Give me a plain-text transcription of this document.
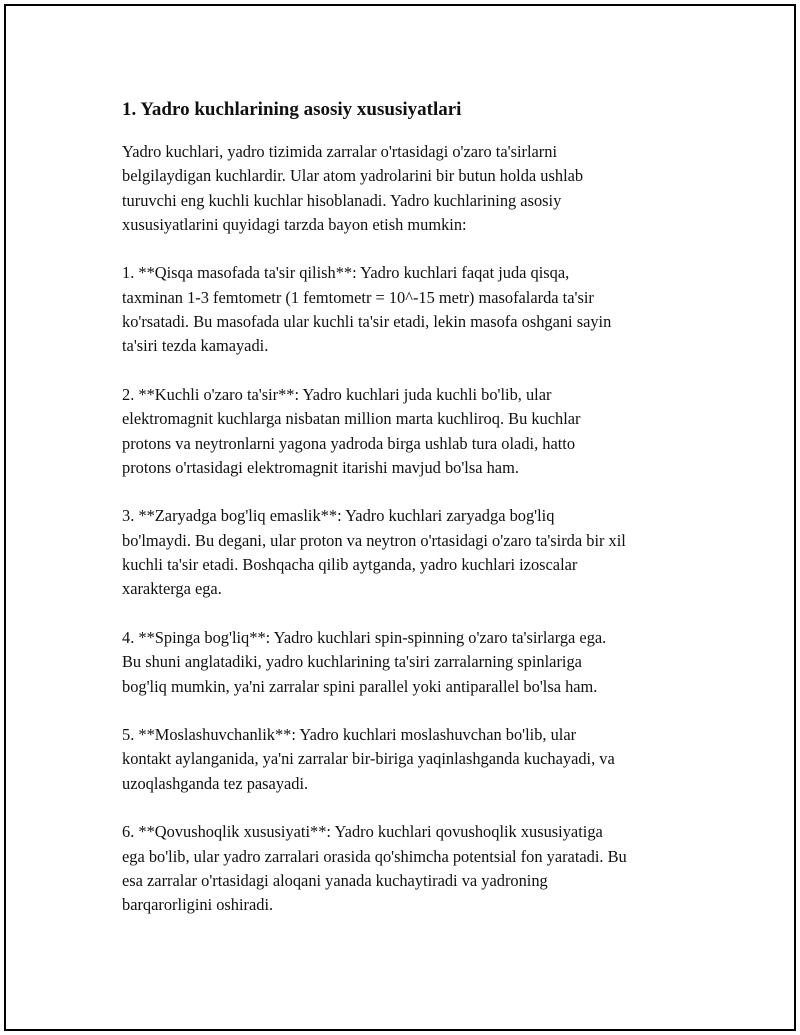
1. Yadro kuchlarining asosiy xususiyatlari

Yadro kuchlari, yadro tizimida zarralar o'rtasidagi o'zaro ta'sirlarni
belgilaydigan kuchlardir. Ular atom yadrolarini bir butun holda ushlab
turuvchi eng kuchli kuchlar hisoblanadi. Yadro kuchlarining asosiy
xususiyatlarini quyidagi tarzda bayon etish mumkin:

1. **Qisqa masofada ta'sir qilish**: Yadro kuchlari faqat juda qisqa,
taxminan 1-3 femtometr (1 femtometr = 10^-15 metr) masofalarda ta'sir
ko'rsatadi. Bu masofada ular kuchli ta'sir etadi, lekin masofa oshgani sayin
ta'siri tezda kamayadi.

2. **Kuchli o'zaro ta'sir**: Yadro kuchlari juda kuchli bo'lib, ular
elektromagnit kuchlarga nisbatan million marta kuchliroq. Bu kuchlar
protons va neytronlarni yagona yadroda birga ushlab tura oladi, hatto
protons o'rtasidagi elektromagnit itarishi mavjud bo'lsa ham.

3. **Zaryadga bog'liq emaslik**: Yadro kuchlari zaryadga bog'liq
bo'lmaydi. Bu degani, ular proton va neytron o'rtasidagi o'zaro ta'sirda bir xil
kuchli ta'sir etadi. Boshqacha qilib aytganda, yadro kuchlari izoscalar
xarakterga ega.

4. **Spinga bog'liq**: Yadro kuchlari spin-spinning o'zaro ta'sirlarga ega.
Bu shuni anglatadiki, yadro kuchlarining ta'siri zarralarning spinlariga
bog'liq mumkin, ya'ni zarralar spini parallel yoki antiparallel bo'lsa ham.

5. **Moslashuvchanlik**: Yadro kuchlari moslashuvchan bo'lib, ular
kontakt aylanganida, ya'ni zarralar bir-biriga yaqinlashganda kuchayadi, va
uzoqlashganda tez pasayadi.

6. **Qovushoqlik xususiyati**: Yadro kuchlari qovushoqlik xususiyatiga
ega bo'lib, ular yadro zarralari orasida qo'shimcha potentsial fon yaratadi. Bu
esa zarralar o'rtasidagi aloqani yanada kuchaytiradi va yadroning
barqarorligini oshiradi.
